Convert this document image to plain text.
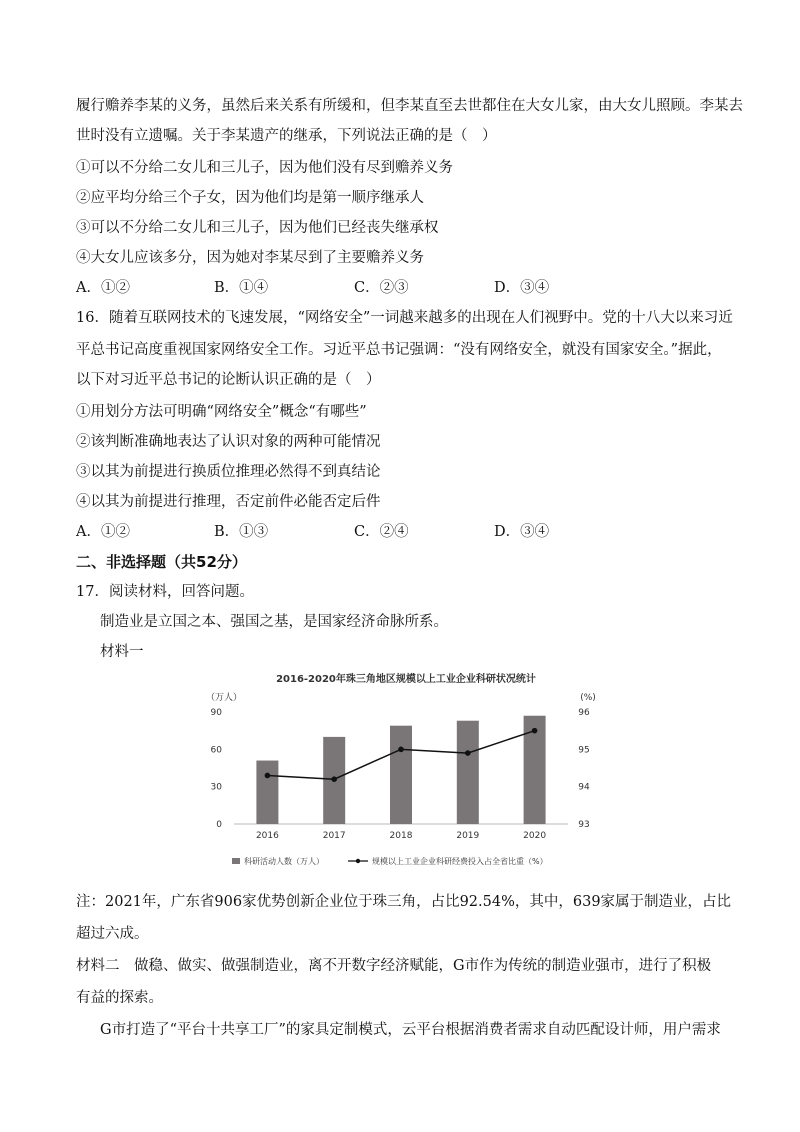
履行赡养李某的义务，虽然后来关系有所缓和，但李某直至去世都住在大女儿家，由大女儿照顾。李某去
世时没有立遗嘱。关于李某遗产的继承，下列说法正确的是（　）
①可以不分给二女儿和三儿子，因为他们没有尽到赡养义务
②应平均分给三个子女，因为他们均是第一顺序继承人
③可以不分给二女儿和三儿子，因为他们已经丧失继承权
④大女儿应该多分，因为她对李某尽到了主要赡养义务
A．①②	B．①④	C．②③	D．③④
16．随着互联网技术的飞速发展，“网络安全”一词越来越多的出现在人们视野中。党的十八大以来习近
平总书记高度重视国家网络安全工作。习近平总书记强调：“没有网络安全，就没有国家安全。”据此，
以下对习近平总书记的论断认识正确的是（　）
①用划分方法可明确“网络安全”概念“有哪些”
②该判断准确地表达了认识对象的两种可能情况
③以其为前提进行换质位推理必然得不到真结论
④以其为前提进行推理，否定前件必能否定后件
A．①②	B．①③	C．②④	D．③④
二、非选择题（共52分）
17．阅读材料，回答问题。
制造业是立国之本、强国之基，是国家经济命脉所系。
材料一
2016-2020年珠三角地区规模以上工业企业科研状况统计
（万人）	(%)
0
30
60
90
93
94
95
96
2016	2017	2018	2019	2020
科研活动人数（万人）	规模以上工业企业科研经费投入占全省比重（%）
注：2021年，广东省906家优势创新企业位于珠三角，占比92.54%，其中，639家属于制造业，占比
超过六成。
材料二　做稳、做实、做强制造业，离不开数字经济赋能，G市作为传统的制造业强市，进行了积极
有益的探索。
G市打造了“平台十共享工厂”的家具定制模式，云平台根据消费者需求自动匹配设计师，用户需求
